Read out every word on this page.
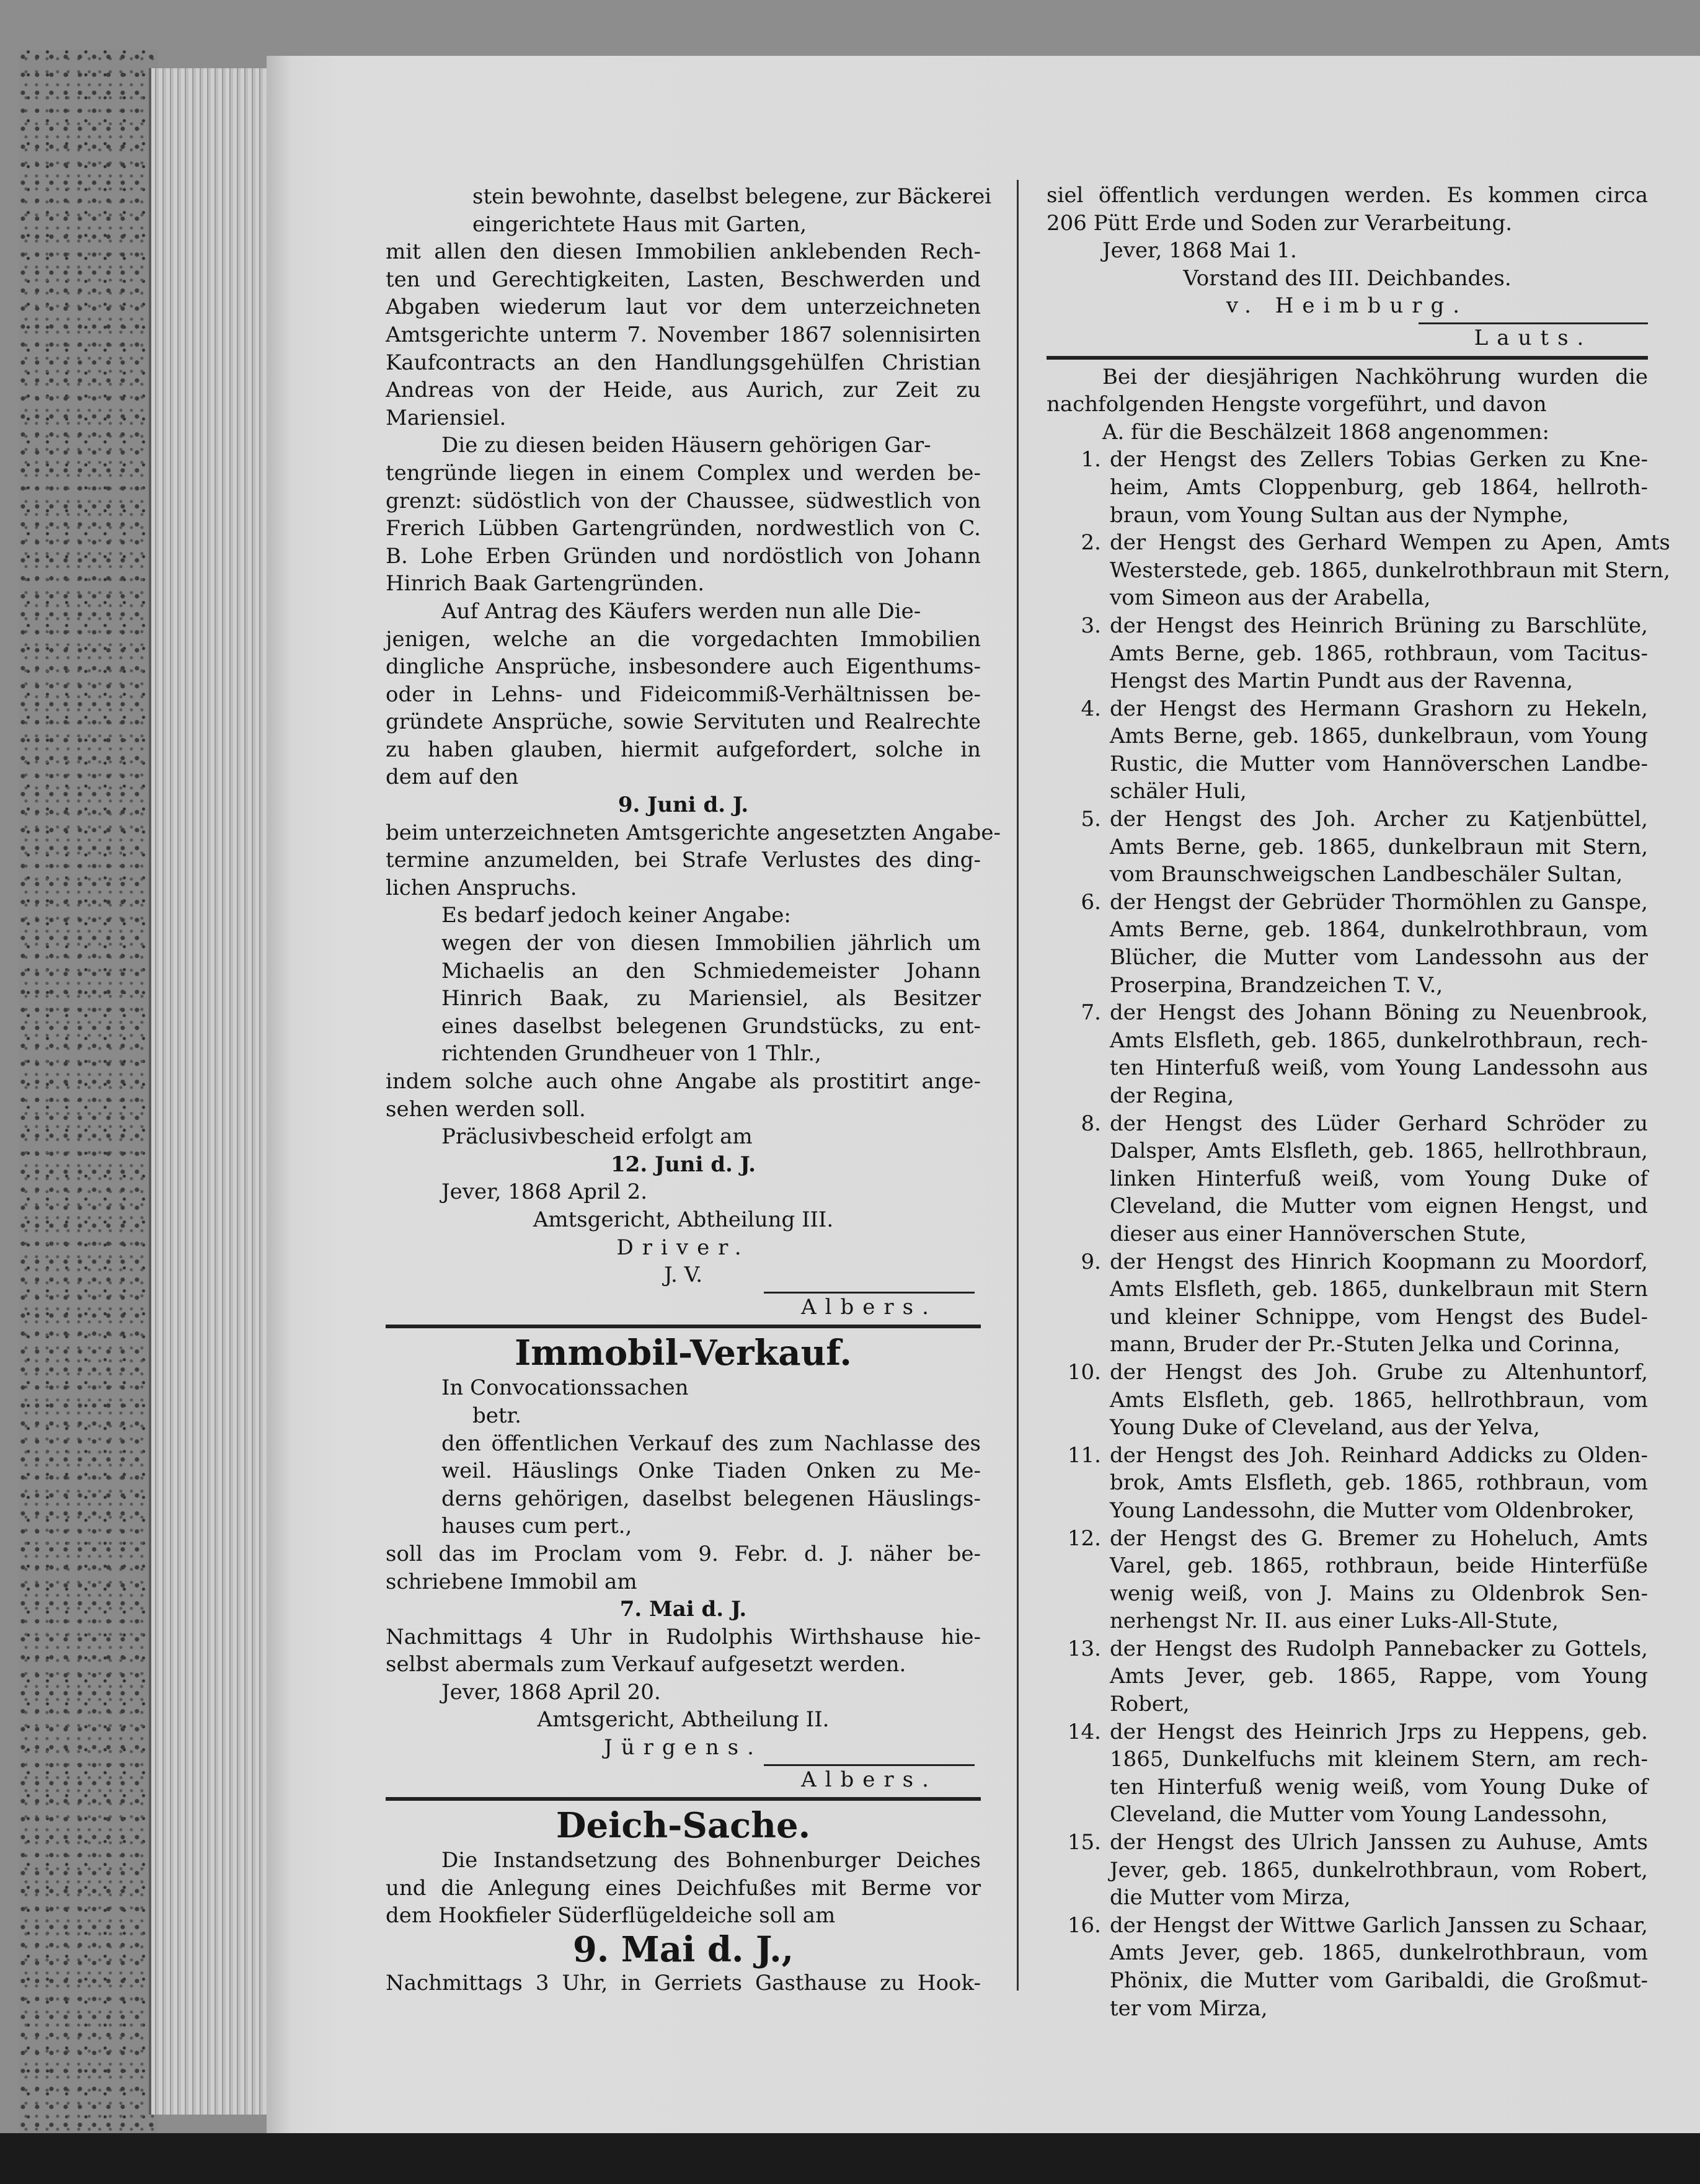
stein bewohnte, daselbst belegene, zur Bäckerei
eingerichtete Haus mit Garten,
mit allen den diesen Immobilien anklebenden Rech-
ten und Gerechtigkeiten, Lasten, Beschwerden und
Abgaben wiederum laut vor dem unterzeichneten
Amtsgerichte unterm 7. November 1867 solennisirten
Kaufcontracts an den Handlungsgehülfen Christian
Andreas von der Heide, aus Aurich, zur Zeit zu
Mariensiel.
Die zu diesen beiden Häusern gehörigen Gar-
tengründe liegen in einem Complex und werden be-
grenzt: südöstlich von der Chaussee, südwestlich von
Frerich Lübben Gartengründen, nordwestlich von C.
B. Lohe Erben Gründen und nordöstlich von Johann
Hinrich Baak Gartengründen.
Auf Antrag des Käufers werden nun alle Die-
jenigen, welche an die vorgedachten Immobilien
dingliche Ansprüche, insbesondere auch Eigenthums-
oder in Lehns- und Fideicommiß-Verhältnissen be-
gründete Ansprüche, sowie Servituten und Realrechte
zu haben glauben, hiermit aufgefordert, solche in
dem auf den
9. Juni d. J.
beim unterzeichneten Amtsgerichte angesetzten Angabe-
termine anzumelden, bei Strafe Verlustes des ding-
lichen Anspruchs.
Es bedarf jedoch keiner Angabe:
wegen der von diesen Immobilien jährlich um
Michaelis an den Schmiedemeister Johann
Hinrich Baak, zu Mariensiel, als Besitzer
eines daselbst belegenen Grundstücks, zu ent-
richtenden Grundheuer von 1 Thlr.,
indem solche auch ohne Angabe als prostitirt ange-
sehen werden soll.
Präclusivbescheid erfolgt am
12. Juni d. J.
Jever, 1868 April 2.
Amtsgericht, Abtheilung III.
Driver.
J. V.
Albers.
Immobil-Verkauf.
In Convocationssachen
betr.
den öffentlichen Verkauf des zum Nachlasse des
weil. Häuslings Onke Tiaden Onken zu Me-
derns gehörigen, daselbst belegenen Häuslings-
hauses cum pert.,
soll das im Proclam vom 9. Febr. d. J. näher be-
schriebene Immobil am
7. Mai d. J.
Nachmittags 4 Uhr in Rudolphis Wirthshause hie-
selbst abermals zum Verkauf aufgesetzt werden.
Jever, 1868 April 20.
Amtsgericht, Abtheilung II.
Jürgens.
Albers.
Deich-Sache.
Die Instandsetzung des Bohnenburger Deiches
und die Anlegung eines Deichfußes mit Berme vor
dem Hookfieler Süderflügeldeiche soll am
9. Mai d. J.,
Nachmittags 3 Uhr, in Gerriets Gasthause zu Hook-
siel öffentlich verdungen werden. Es kommen circa
206 Pütt Erde und Soden zur Verarbeitung.
Jever, 1868 Mai 1.
Vorstand des III. Deichbandes.
v. Heimburg.
Lauts.
Bei der diesjährigen Nachköhrung wurden die
nachfolgenden Hengste vorgeführt, und davon
A. für die Beschälzeit 1868 angenommen:
1. der Hengst des Zellers Tobias Gerken zu Kne-
heim, Amts Cloppenburg, geb 1864, hellroth-
braun, vom Young Sultan aus der Nymphe,
2. der Hengst des Gerhard Wempen zu Apen, Amts
Westerstede, geb. 1865, dunkelrothbraun mit Stern,
vom Simeon aus der Arabella,
3. der Hengst des Heinrich Brüning zu Barschlüte,
Amts Berne, geb. 1865, rothbraun, vom Tacitus-
Hengst des Martin Pundt aus der Ravenna,
4. der Hengst des Hermann Grashorn zu Hekeln,
Amts Berne, geb. 1865, dunkelbraun, vom Young
Rustic, die Mutter vom Hannöverschen Landbe-
schäler Huli,
5. der Hengst des Joh. Archer zu Katjenbüttel,
Amts Berne, geb. 1865, dunkelbraun mit Stern,
vom Braunschweigschen Landbeschäler Sultan,
6. der Hengst der Gebrüder Thormöhlen zu Ganspe,
Amts Berne, geb. 1864, dunkelrothbraun, vom
Blücher, die Mutter vom Landessohn aus der
Proserpina, Brandzeichen T. V.,
7. der Hengst des Johann Böning zu Neuenbrook,
Amts Elsfleth, geb. 1865, dunkelrothbraun, rech-
ten Hinterfuß weiß, vom Young Landessohn aus
der Regina,
8. der Hengst des Lüder Gerhard Schröder zu
Dalsper, Amts Elsfleth, geb. 1865, hellrothbraun,
linken Hinterfuß weiß, vom Young Duke of
Cleveland, die Mutter vom eignen Hengst, und
dieser aus einer Hannöverschen Stute,
9. der Hengst des Hinrich Koopmann zu Moordorf,
Amts Elsfleth, geb. 1865, dunkelbraun mit Stern
und kleiner Schnippe, vom Hengst des Budel-
mann, Bruder der Pr.-Stuten Jelka und Corinna,
10. der Hengst des Joh. Grube zu Altenhuntorf,
Amts Elsfleth, geb. 1865, hellrothbraun, vom
Young Duke of Cleveland, aus der Yelva,
11. der Hengst des Joh. Reinhard Addicks zu Olden-
brok, Amts Elsfleth, geb. 1865, rothbraun, vom
Young Landessohn, die Mutter vom Oldenbroker,
12. der Hengst des G. Bremer zu Hoheluch, Amts
Varel, geb. 1865, rothbraun, beide Hinterfüße
wenig weiß, von J. Mains zu Oldenbrok Sen-
nerhengst Nr. II. aus einer Luks-All-Stute,
13. der Hengst des Rudolph Pannebacker zu Gottels,
Amts Jever, geb. 1865, Rappe, vom Young
Robert,
14. der Hengst des Heinrich Jrps zu Heppens, geb.
1865, Dunkelfuchs mit kleinem Stern, am rech-
ten Hinterfuß wenig weiß, vom Young Duke of
Cleveland, die Mutter vom Young Landessohn,
15. der Hengst des Ulrich Janssen zu Auhuse, Amts
Jever, geb. 1865, dunkelrothbraun, vom Robert,
die Mutter vom Mirza,
16. der Hengst der Wittwe Garlich Janssen zu Schaar,
Amts Jever, geb. 1865, dunkelrothbraun, vom
Phönix, die Mutter vom Garibaldi, die Großmut-
ter vom Mirza,
